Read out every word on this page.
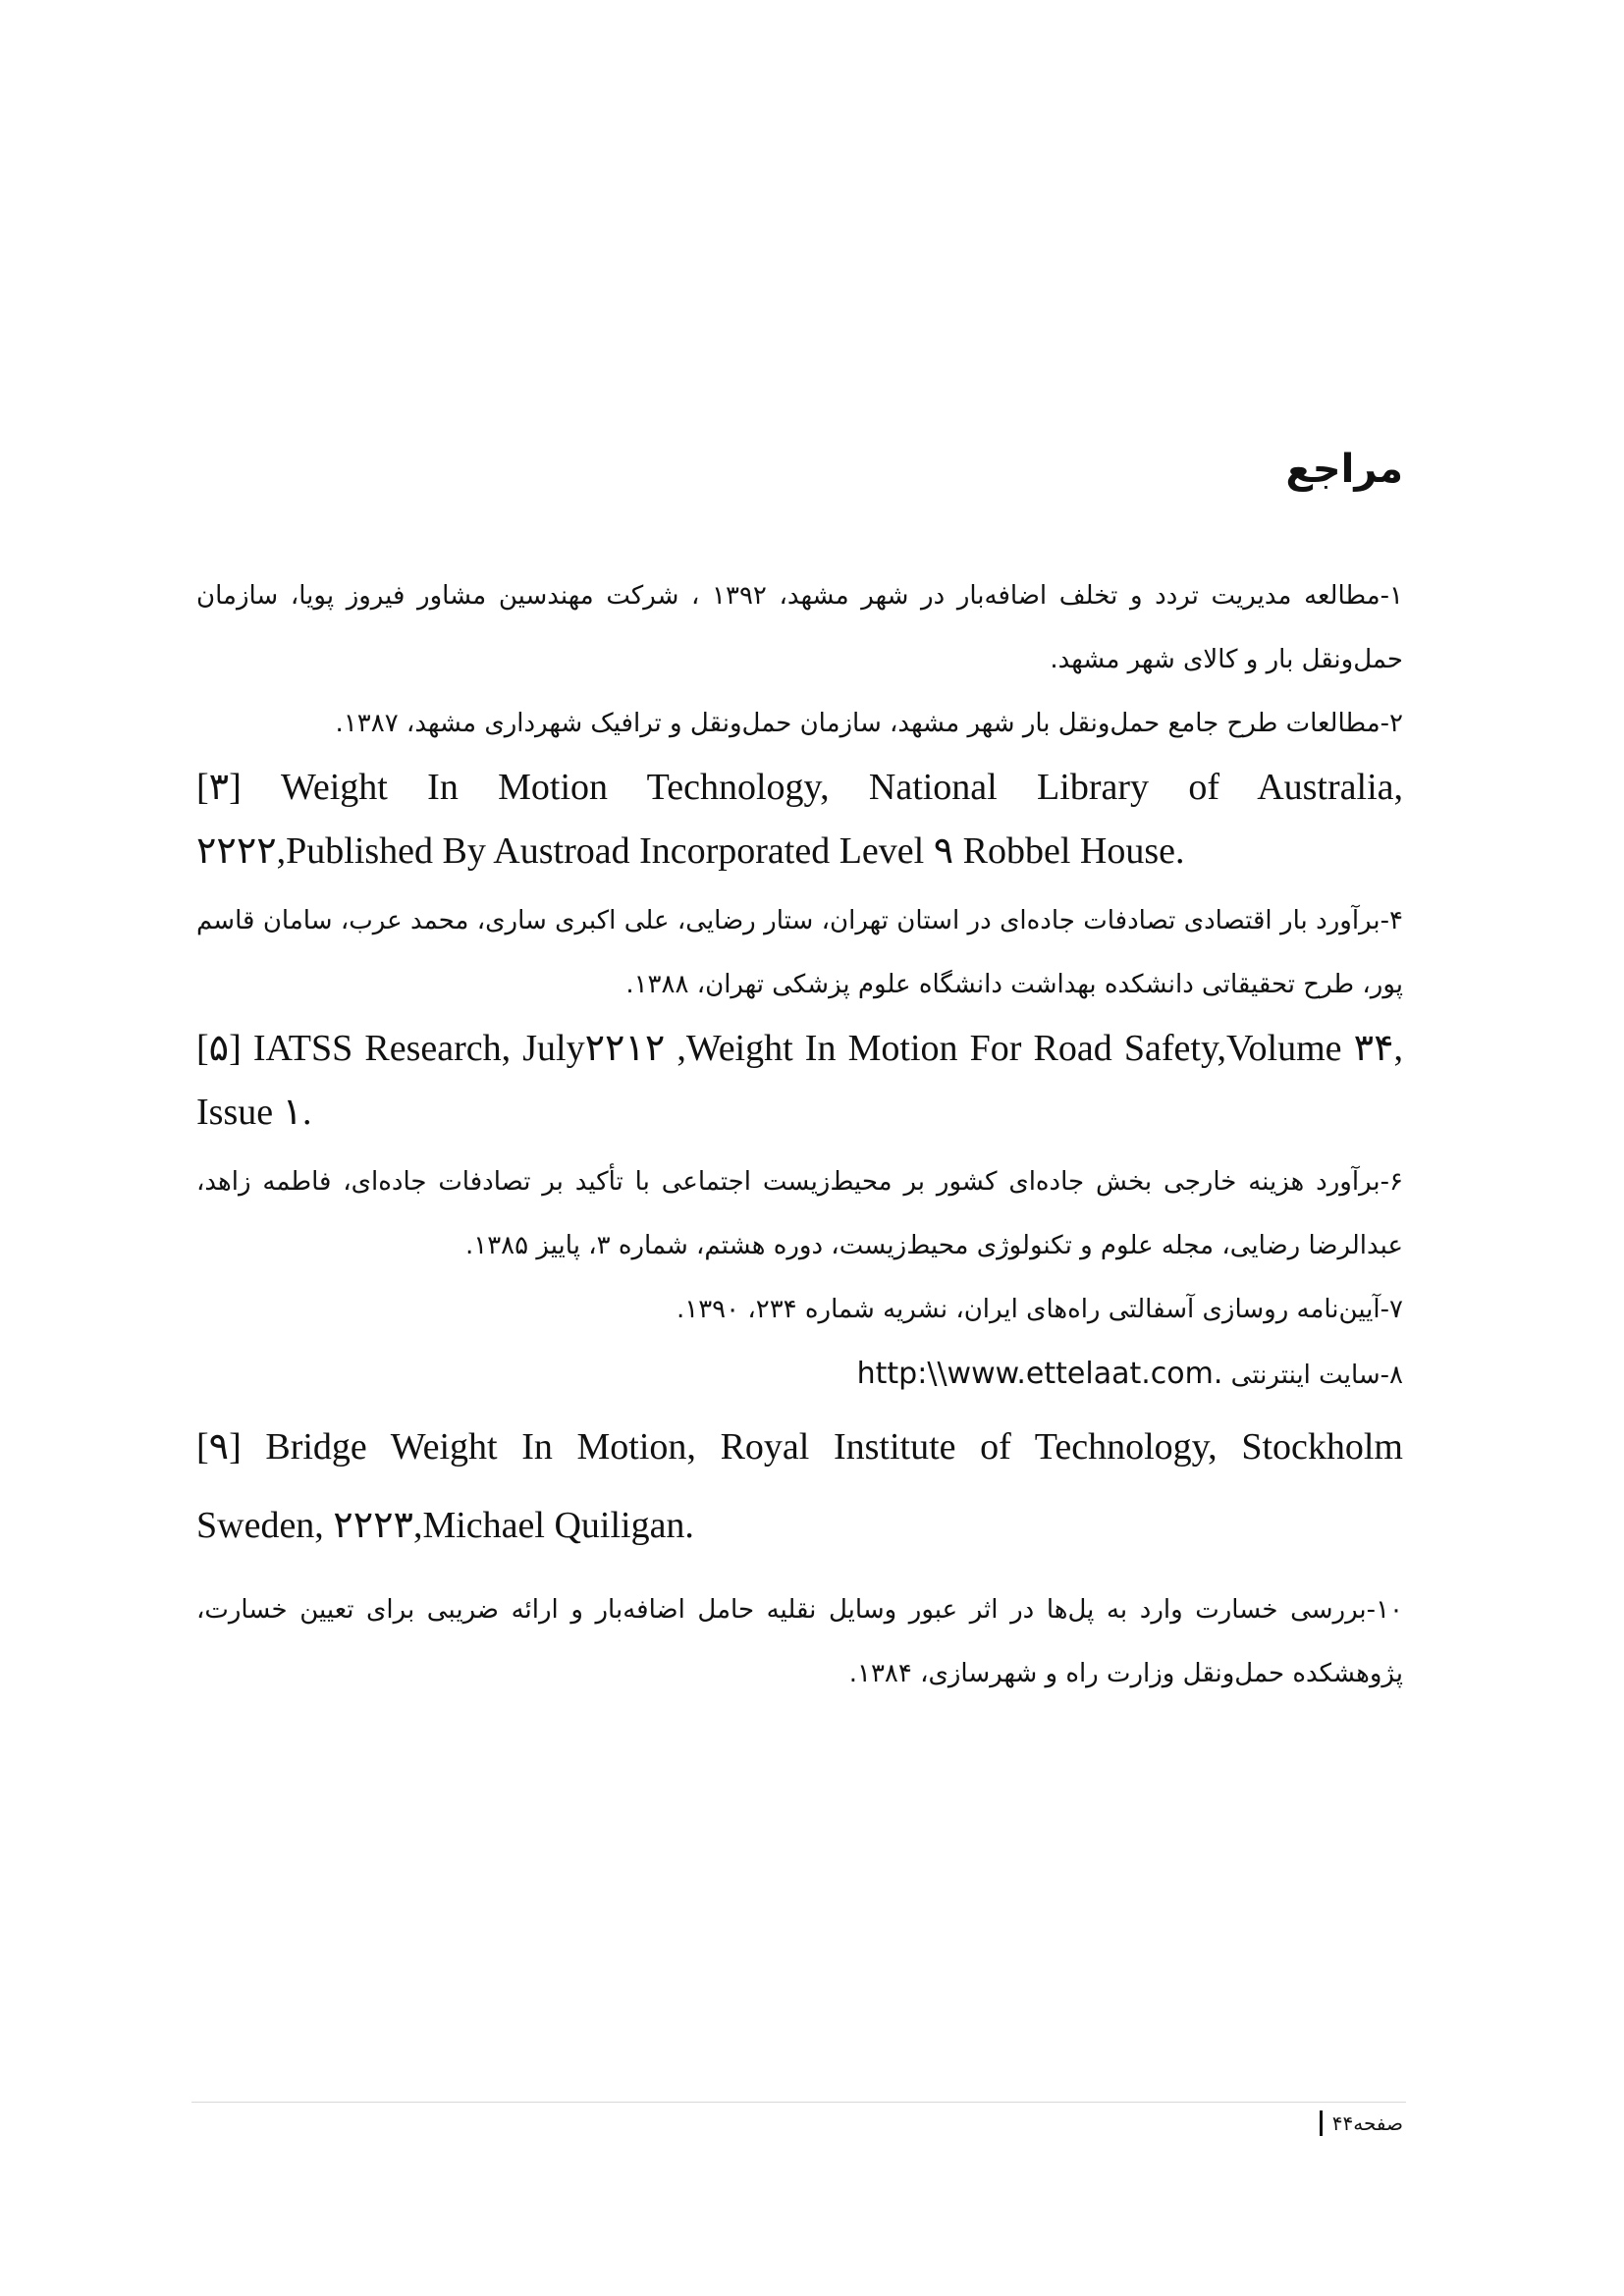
مراجع

۱-مطالعه مدیریت تردد و تخلف اضافه‌بار در شهر مشهد، ۱۳۹۲ ، شرکت مهندسین مشاور فیروز پویا، سازمان حمل‌ونقل بار و کالای شهر مشهد.

۲-مطالعات طرح جامع حمل‌ونقل بار شهر مشهد، سازمان حمل‌ونقل و ترافیک شهرداری مشهد، ۱۳۸۷.

[۳] Weight In Motion Technology, National Library of Australia,
۲۲۲۲,Published By Austroad Incorporated Level ۹ Robbel House.

۴-برآورد بار اقتصادی تصادفات جاده‌ای در استان تهران، ستار رضایی، علی اکبری ساری، محمد عرب، سامان قاسم پور، طرح تحقیقاتی دانشکده بهداشت دانشگاه علوم پزشکی تهران، ۱۳۸۸.

[۵] IATSS Research, July۲۲۱۲ ,Weight In Motion For Road Safety,Volume ۳۴,
Issue ۱.

۶-برآورد هزینه خارجی بخش جاده‌ای کشور بر محیط‌زیست اجتماعی با تأکید بر تصادفات جاده‌ای، فاطمه زاهد، عبدالرضا رضایی، مجله علوم و تکنولوژی محیط‌زیست، دوره هشتم، شماره ۳، پاییز ۱۳۸۵.

۷-آیین‌نامه روسازی آسفالتی راه‌های ایران، نشریه شماره ۲۳۴، ۱۳۹۰.

۸-سایت اینترنتی http:\\www.ettelaat.com.

[۹] Bridge Weight In Motion, Royal Institute of Technology, Stockholm
Sweden, ۲۲۲۳,Michael Quiligan.

۱۰-بررسی خسارت وارد به پل‌ها در اثر عبور وسایل نقلیه حامل اضافه‌بار و ارائه ضریبی برای تعیین خسارت، پژوهشکده حمل‌ونقل وزارت راه و شهرسازی، ۱۳۸۴.

صفحه۴۴
